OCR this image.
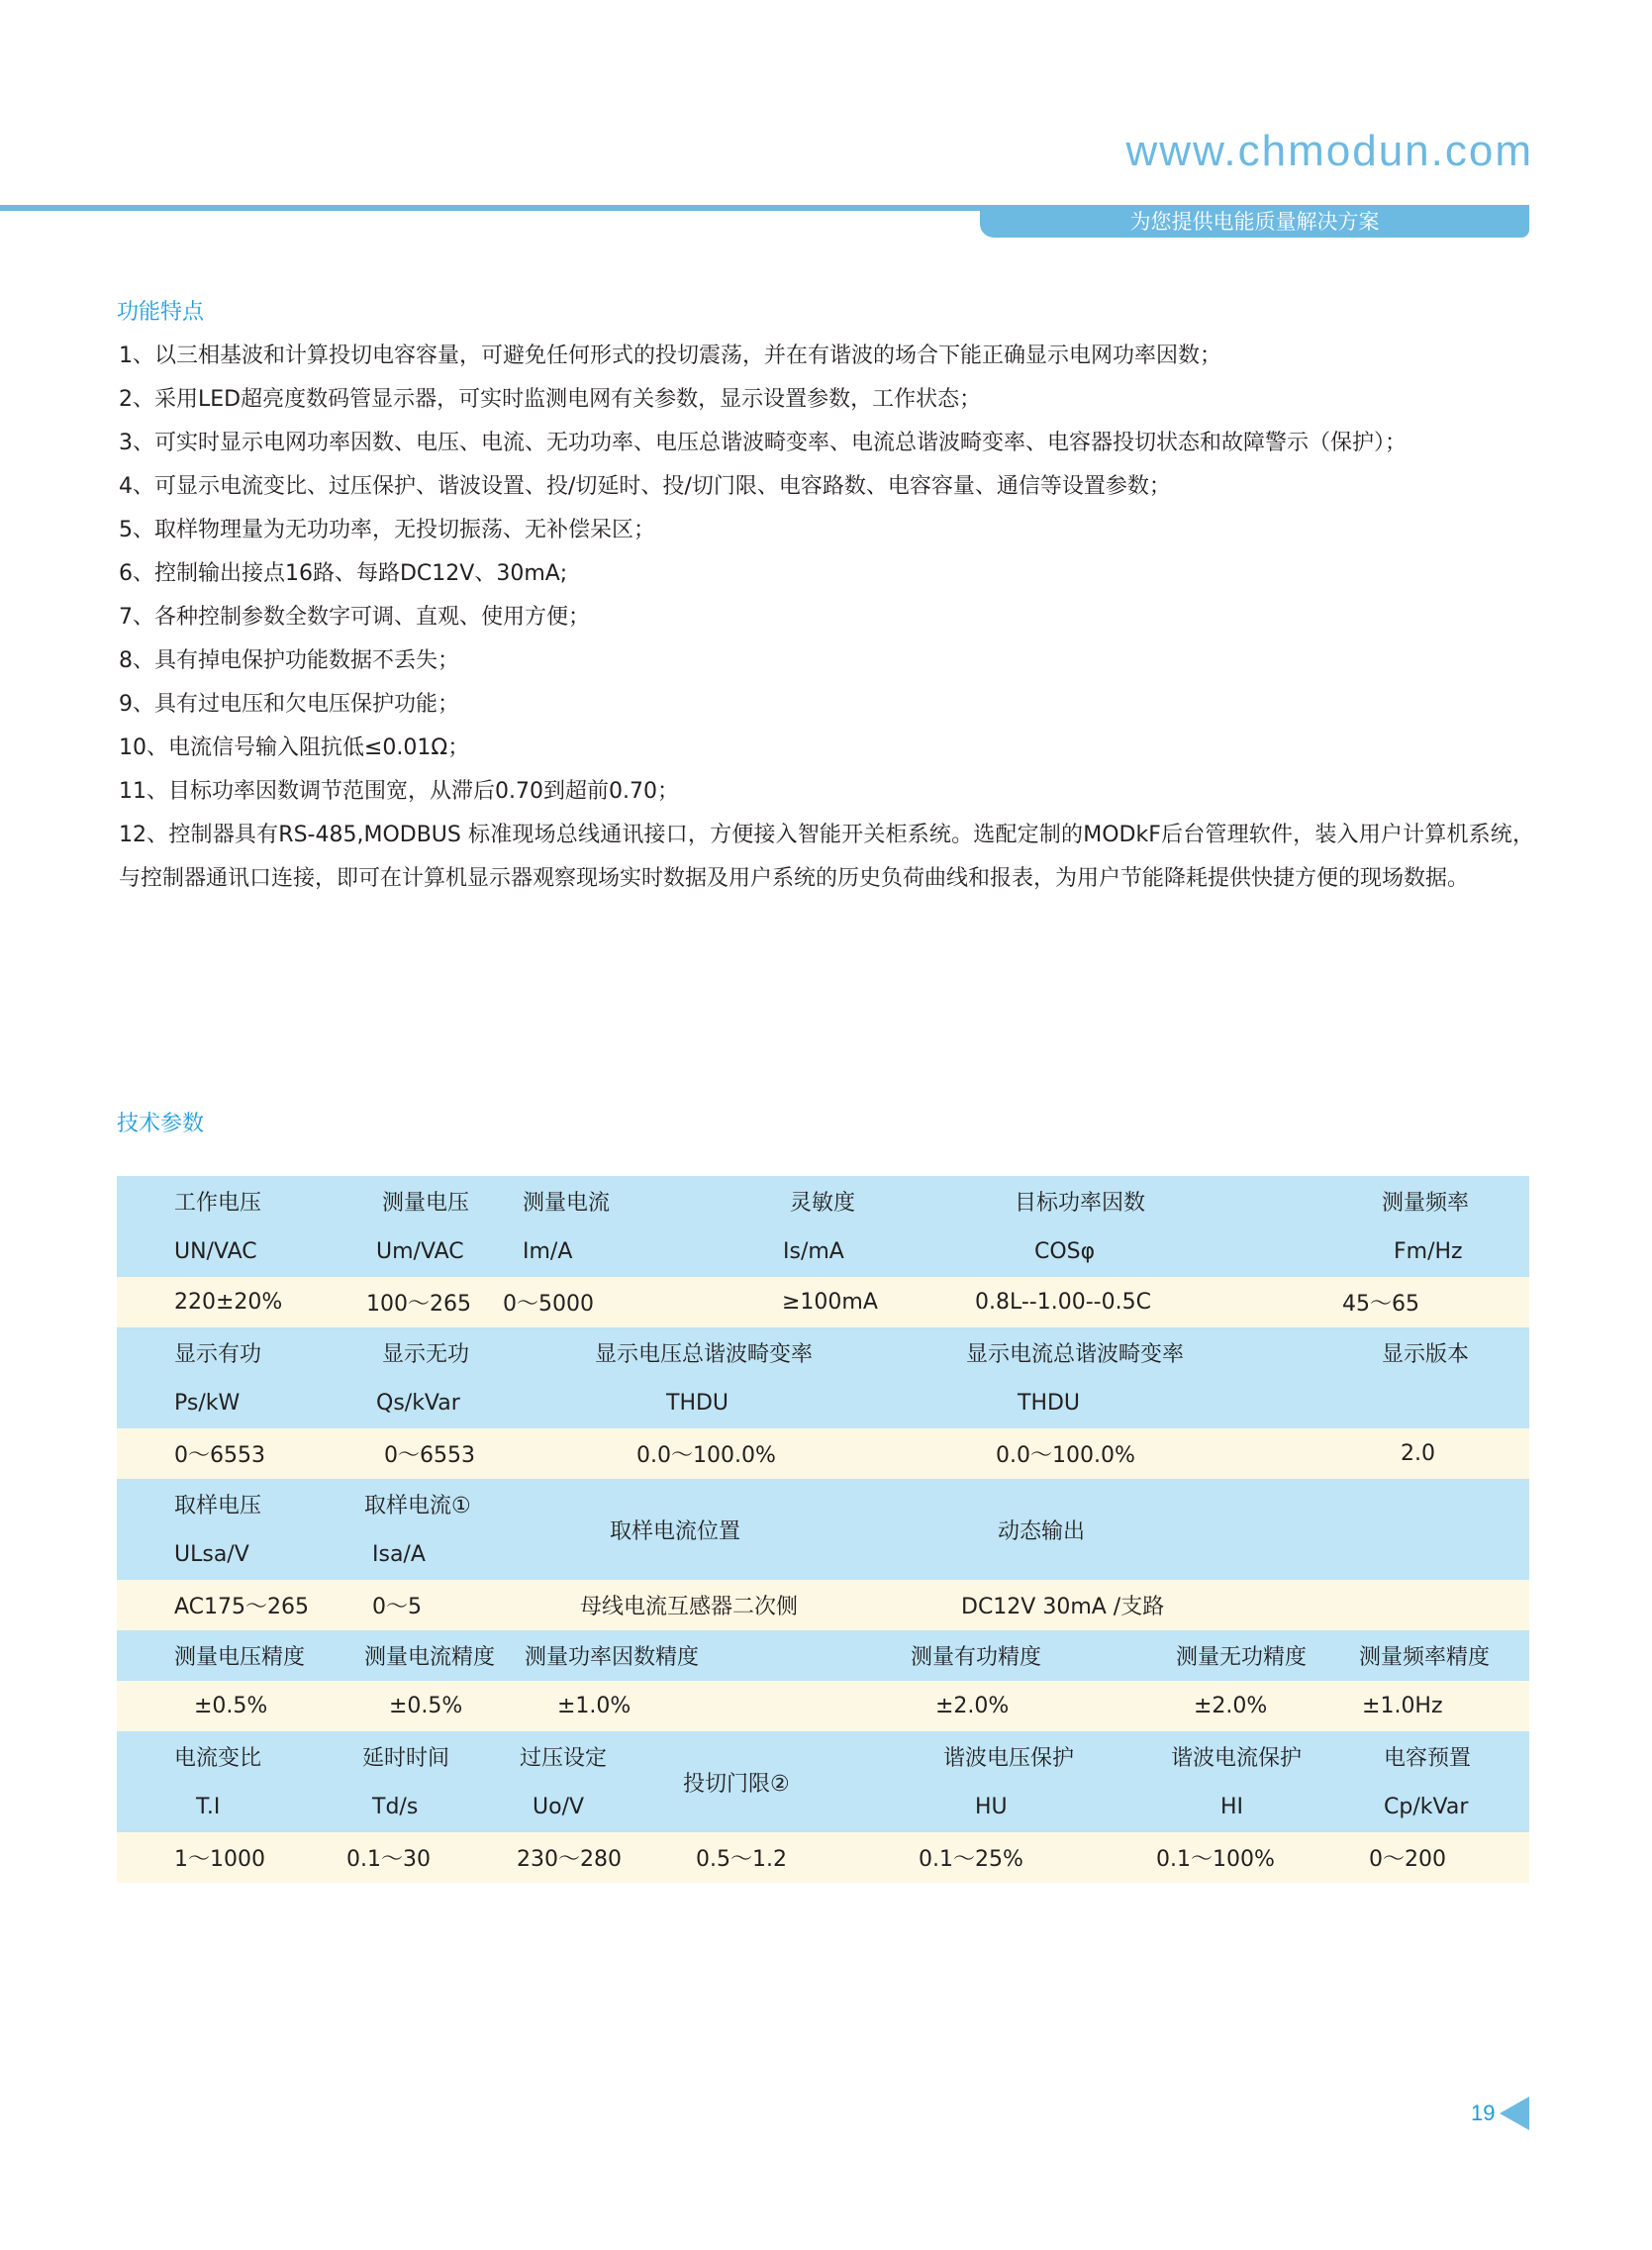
www.chmodun.com
为您提供电能质量解决方案
功能特点

1、以三相基波和计算投切电容容量，可避免任何形式的投切震荡，并在有谐波的场合下能正确显示电网功率因数；

2、采用LED超亮度数码管显示器，可实时监测电网有关参数，显示设置参数，工作状态；

3、可实时显示电网功率因数、电压、电流、无功功率、电压总谐波畸变率、电流总谐波畸变率、电容器投切状态和故障警示（保护）；

4、可显示电流变比、过压保护、谐波设置、投/切延时、投/切门限、电容路数、电容容量、通信等设置参数；

5、取样物理量为无功功率，无投切振荡、无补偿呆区；

6、控制输出接点16路、每路DC12V、30mA;

7、各种控制参数全数字可调、直观、使用方便；

8、具有掉电保护功能数据不丢失；

9、具有过电压和欠电压保护功能；

10、电流信号输入阻抗低≤0.01Ω；

11、目标功率因数调节范围宽，从滞后0.70到超前0.70；

12、控制器具有RS-485,MODBUS 标准现场总线通讯接口，方便接入智能开关柜系统。选配定制的MODkF后台管理软件，装入用户计算机系统，与控制器通讯口连接，即可在计算机显示器观察现场实时数据及用户系统的历史负荷曲线和报表，为用户节能降耗提供快捷方便的现场数据。

技术参数
工作电压	测量电压	测量电流	灵敏度	目标功率因数		测量频率
UN/VAC	Um/VAC	Im/A	Is/mA	COSφ		Fm/Hz
220±20%	100～265	0～5000	≥100mA	0.8L--1.00--0.5C		45～65
显示有功	显示无功	显示电压总谐波畸变率		显示电流总谐波畸变率		显示版本
Ps/kW	Qs/kVar	THDU		THDU		
0～6553	0～6553	0.0～100.0%		0.0～100.0%		2.0
取样电压	取样电流①	取样电流位置		动态输出		
ULsa/V	Isa/A					
AC175～265	0～5	母线电流互感器二次侧		DC12V 30mA /支路		
测量电压精度	测量电流精度	测量功率因数精度		测量有功精度	测量无功精度	测量频率精度
±0.5%	±0.5%	±1.0%		±2.0%	±2.0%	±1.0Hz
电流变比	延时时间	过压设定	投切门限②	谐波电压保护	谐波电流保护	电容预置
T.I	Td/s	Uo/V		HU	HI	Cp/kVar
1～1000	0.1～30	230～280	0.5～1.2	0.1～25%	0.1～100%	0～200
19
